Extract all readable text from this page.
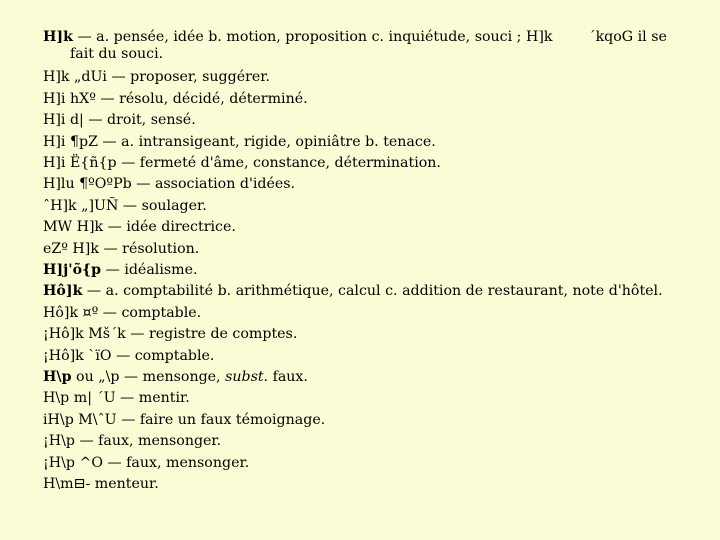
H]k — a. pensée, idée b. motion, proposition c. inquiétude, souci ; H]k	´kqoG il se
fait du souci.
H]k „dUi — proposer, suggérer.
H]i hXº — résolu, décidé, déterminé.
H]i d| — droit, sensé.
H]i ¶pZ — a. intransigeant, rigide, opiniâtre b. tenace.
H]i Ë{ñ{p — fermeté d'âme, constance, détermination.
H]lu ¶ºOºPb — association d'idées.
ˆH]k „]UÑ — soulager.
MW H]k — idée directrice.
eZº H]k — résolution.
H]j'õ{p — idéalisme.
Hô]k — a. comptabilité b. arithmétique, calcul c. addition de restaurant, note d'hôtel.
Hô]k ¤º — comptable.
¡Hô]k Mš´k — registre de comptes.
¡Hô]k `ïO — comptable.
H\p ou „\p — mensonge, subst. faux.
H\p m| ´U — mentir.
iH\p M\ˆU — faire un faux témoignage.
¡H\p — faux, mensonger.
¡H\p ^O — faux, mensonger.
H\m⊟- menteur.
